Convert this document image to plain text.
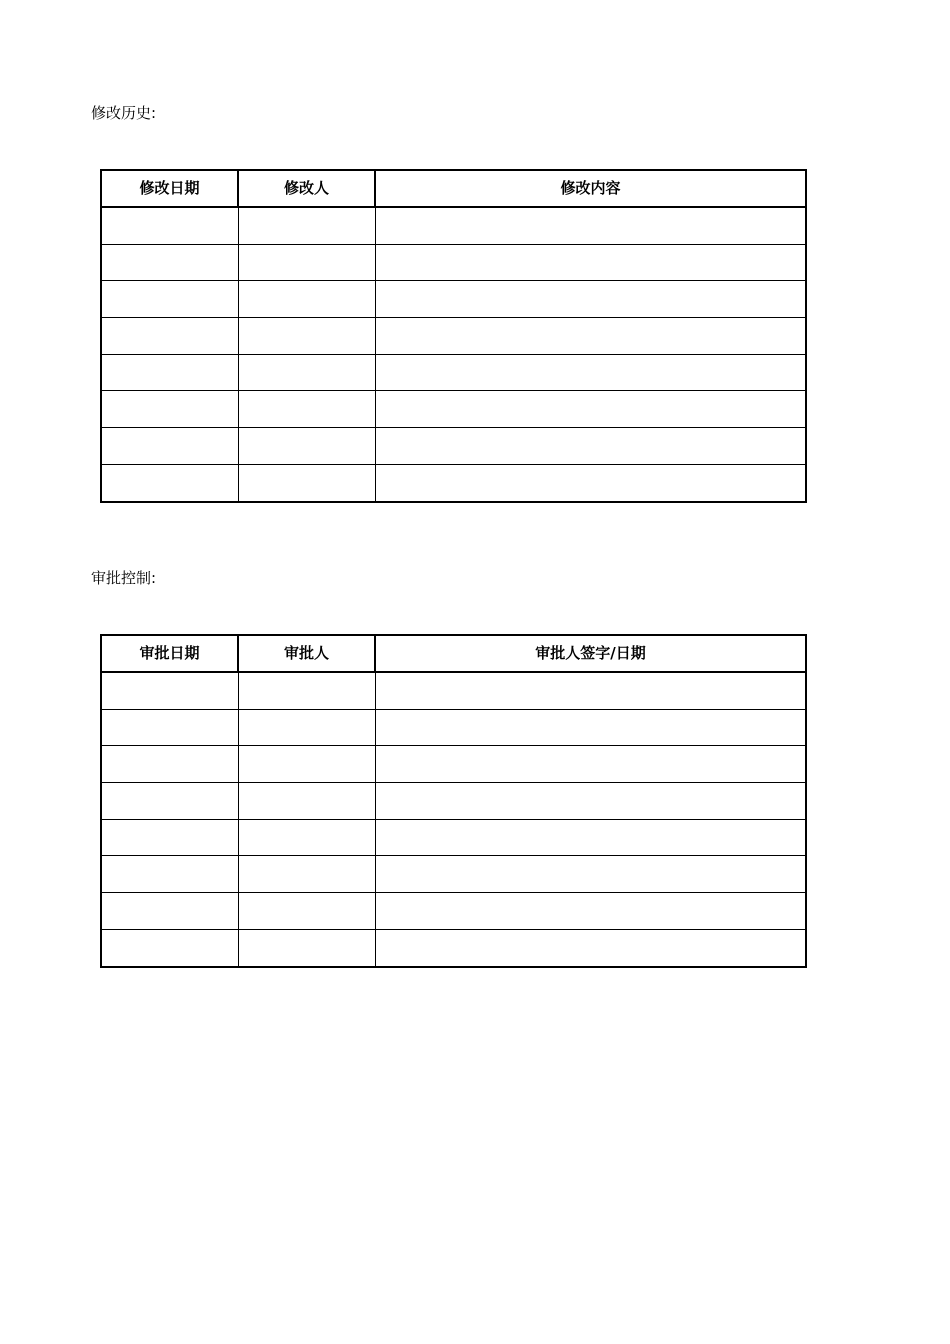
修改历史:
修改日期	修改人	修改内容

审批控制:
审批日期	审批人	审批人签字/日期
